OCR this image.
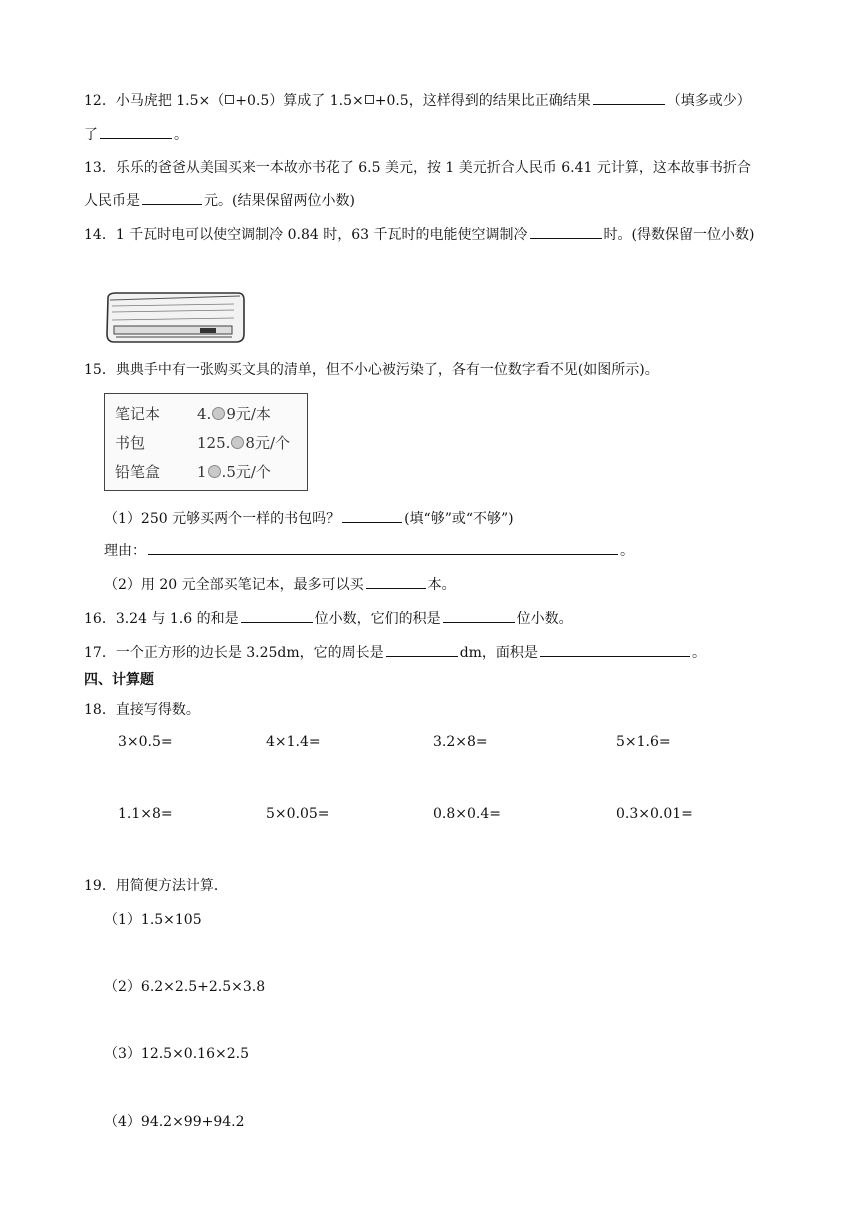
12．小马虎把 1.5×（ +0.5）算成了 1.5× +0.5，这样得到的结果比正确结果	（填多或少）
了	。
13．乐乐的爸爸从美国买来一本故亦书花了 6.5 美元，按 1 美元折合人民币 6.41 元计算，这本故事书折合
人民币是	元。(结果保留两位小数)
14．1 千瓦时电可以使空调制冷 0.84 时，63 千瓦时的电能使空调制冷	时。(得数保留一位小数)
15．典典手中有一张购买文具的清单，但不小心被污染了，各有一位数字看不见(如图所示)。
笔记本 4. 9元/本
书包	125. 8元/个
铅笔盒 1 .5元/个
（1）250 元够买两个一样的书包吗？	(填“够”或“不够”)
理由：	。
（2）用 20 元全部买笔记本，最多可以买	本。
16．3.24 与 1.6 的和是	位小数，它们的积是	位小数。
17．一个正方形的边长是 3.25dm，它的周长是	dm，面积是	。
四、计算题
18．直接写得数。
3×0.5=	4×1.4=	3.2×8=	5×1.6=
1.1×8=	5×0.05=	0.8×0.4=	0.3×0.01=
19．用简便方法计算．
（1）1.5×105
（2）6.2×2.5+2.5×3.8
（3）12.5×0.16×2.5
（4）94.2×99+94.2
